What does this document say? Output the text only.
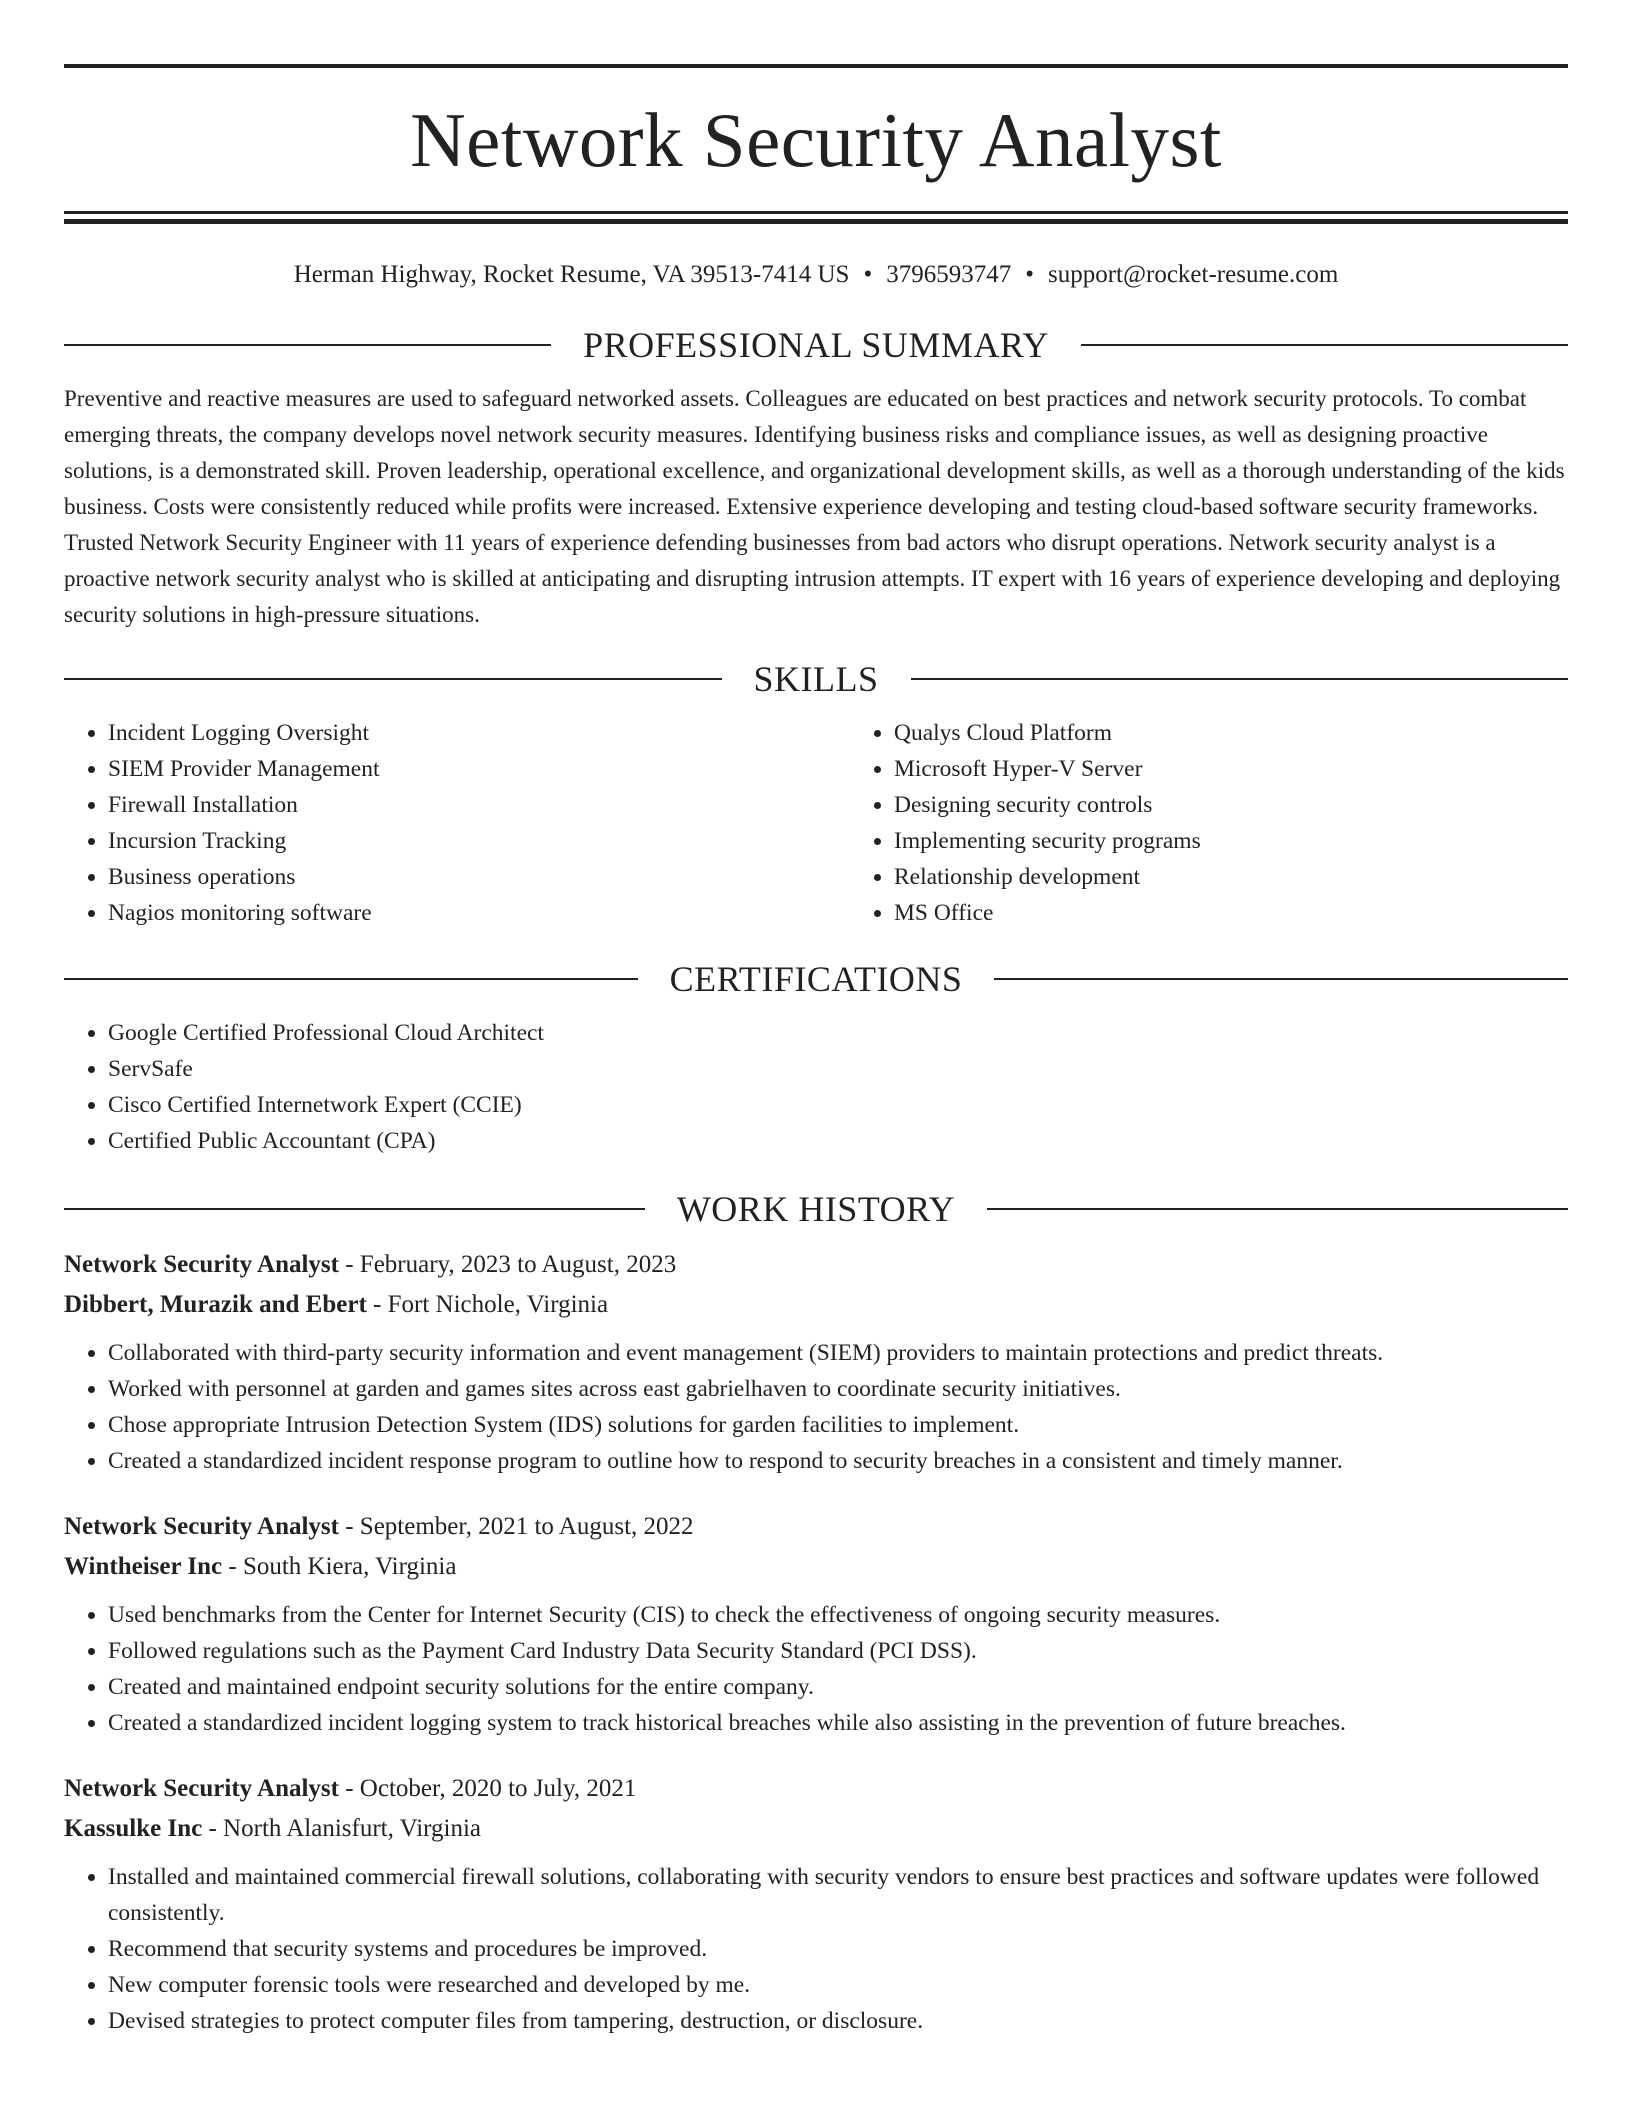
Network Security Analyst
Herman Highway, Rocket Resume, VA 39513-7414 US • 3796593747 • support@rocket-resume.com
PROFESSIONAL SUMMARY

Preventive and reactive measures are used to safeguard networked assets. Colleagues are educated on best practices and network security protocols. To combat emerging threats, the company develops novel network security measures. Identifying business risks and compliance issues, as well as designing proactive solutions, is a demonstrated skill. Proven leadership, operational excellence, and organizational development skills, as well as a thorough understanding of the kids business. Costs were consistently reduced while profits were increased. Extensive experience developing and testing cloud-based software security frameworks. Trusted Network Security Engineer with 11 years of experience defending businesses from bad actors who disrupt operations. Network security analyst is a proactive network security analyst who is skilled at anticipating and disrupting intrusion attempts. IT expert with 16 years of experience developing and deploying security solutions in high-pressure situations.

SKILLS
• Incident Logging Oversight
• SIEM Provider Management
• Firewall Installation
• Incursion Tracking
• Business operations
• Nagios monitoring software
• Qualys Cloud Platform
• Microsoft Hyper-V Server
• Designing security controls
• Implementing security programs
• Relationship development
• MS Office
CERTIFICATIONS
• Google Certified Professional Cloud Architect
• ServSafe
• Cisco Certified Internetwork Expert (CCIE)
• Certified Public Accountant (CPA)
WORK HISTORY
Network Security Analyst - February, 2023 to August, 2023
Dibbert, Murazik and Ebert - Fort Nichole, Virginia
• Collaborated with third-party security information and event management (SIEM) providers to maintain protections and predict threats.
• Worked with personnel at garden and games sites across east gabrielhaven to coordinate security initiatives.
• Chose appropriate Intrusion Detection System (IDS) solutions for garden facilities to implement.
• Created a standardized incident response program to outline how to respond to security breaches in a consistent and timely manner.
Network Security Analyst - September, 2021 to August, 2022
Wintheiser Inc - South Kiera, Virginia
• Used benchmarks from the Center for Internet Security (CIS) to check the effectiveness of ongoing security measures.
• Followed regulations such as the Payment Card Industry Data Security Standard (PCI DSS).
• Created and maintained endpoint security solutions for the entire company.
• Created a standardized incident logging system to track historical breaches while also assisting in the prevention of future breaches.
Network Security Analyst - October, 2020 to July, 2021
Kassulke Inc - North Alanisfurt, Virginia
• Installed and maintained commercial firewall solutions, collaborating with security vendors to ensure best practices and software updates were followed consistently.
• Recommend that security systems and procedures be improved.
• New computer forensic tools were researched and developed by me.
• Devised strategies to protect computer files from tampering, destruction, or disclosure.
